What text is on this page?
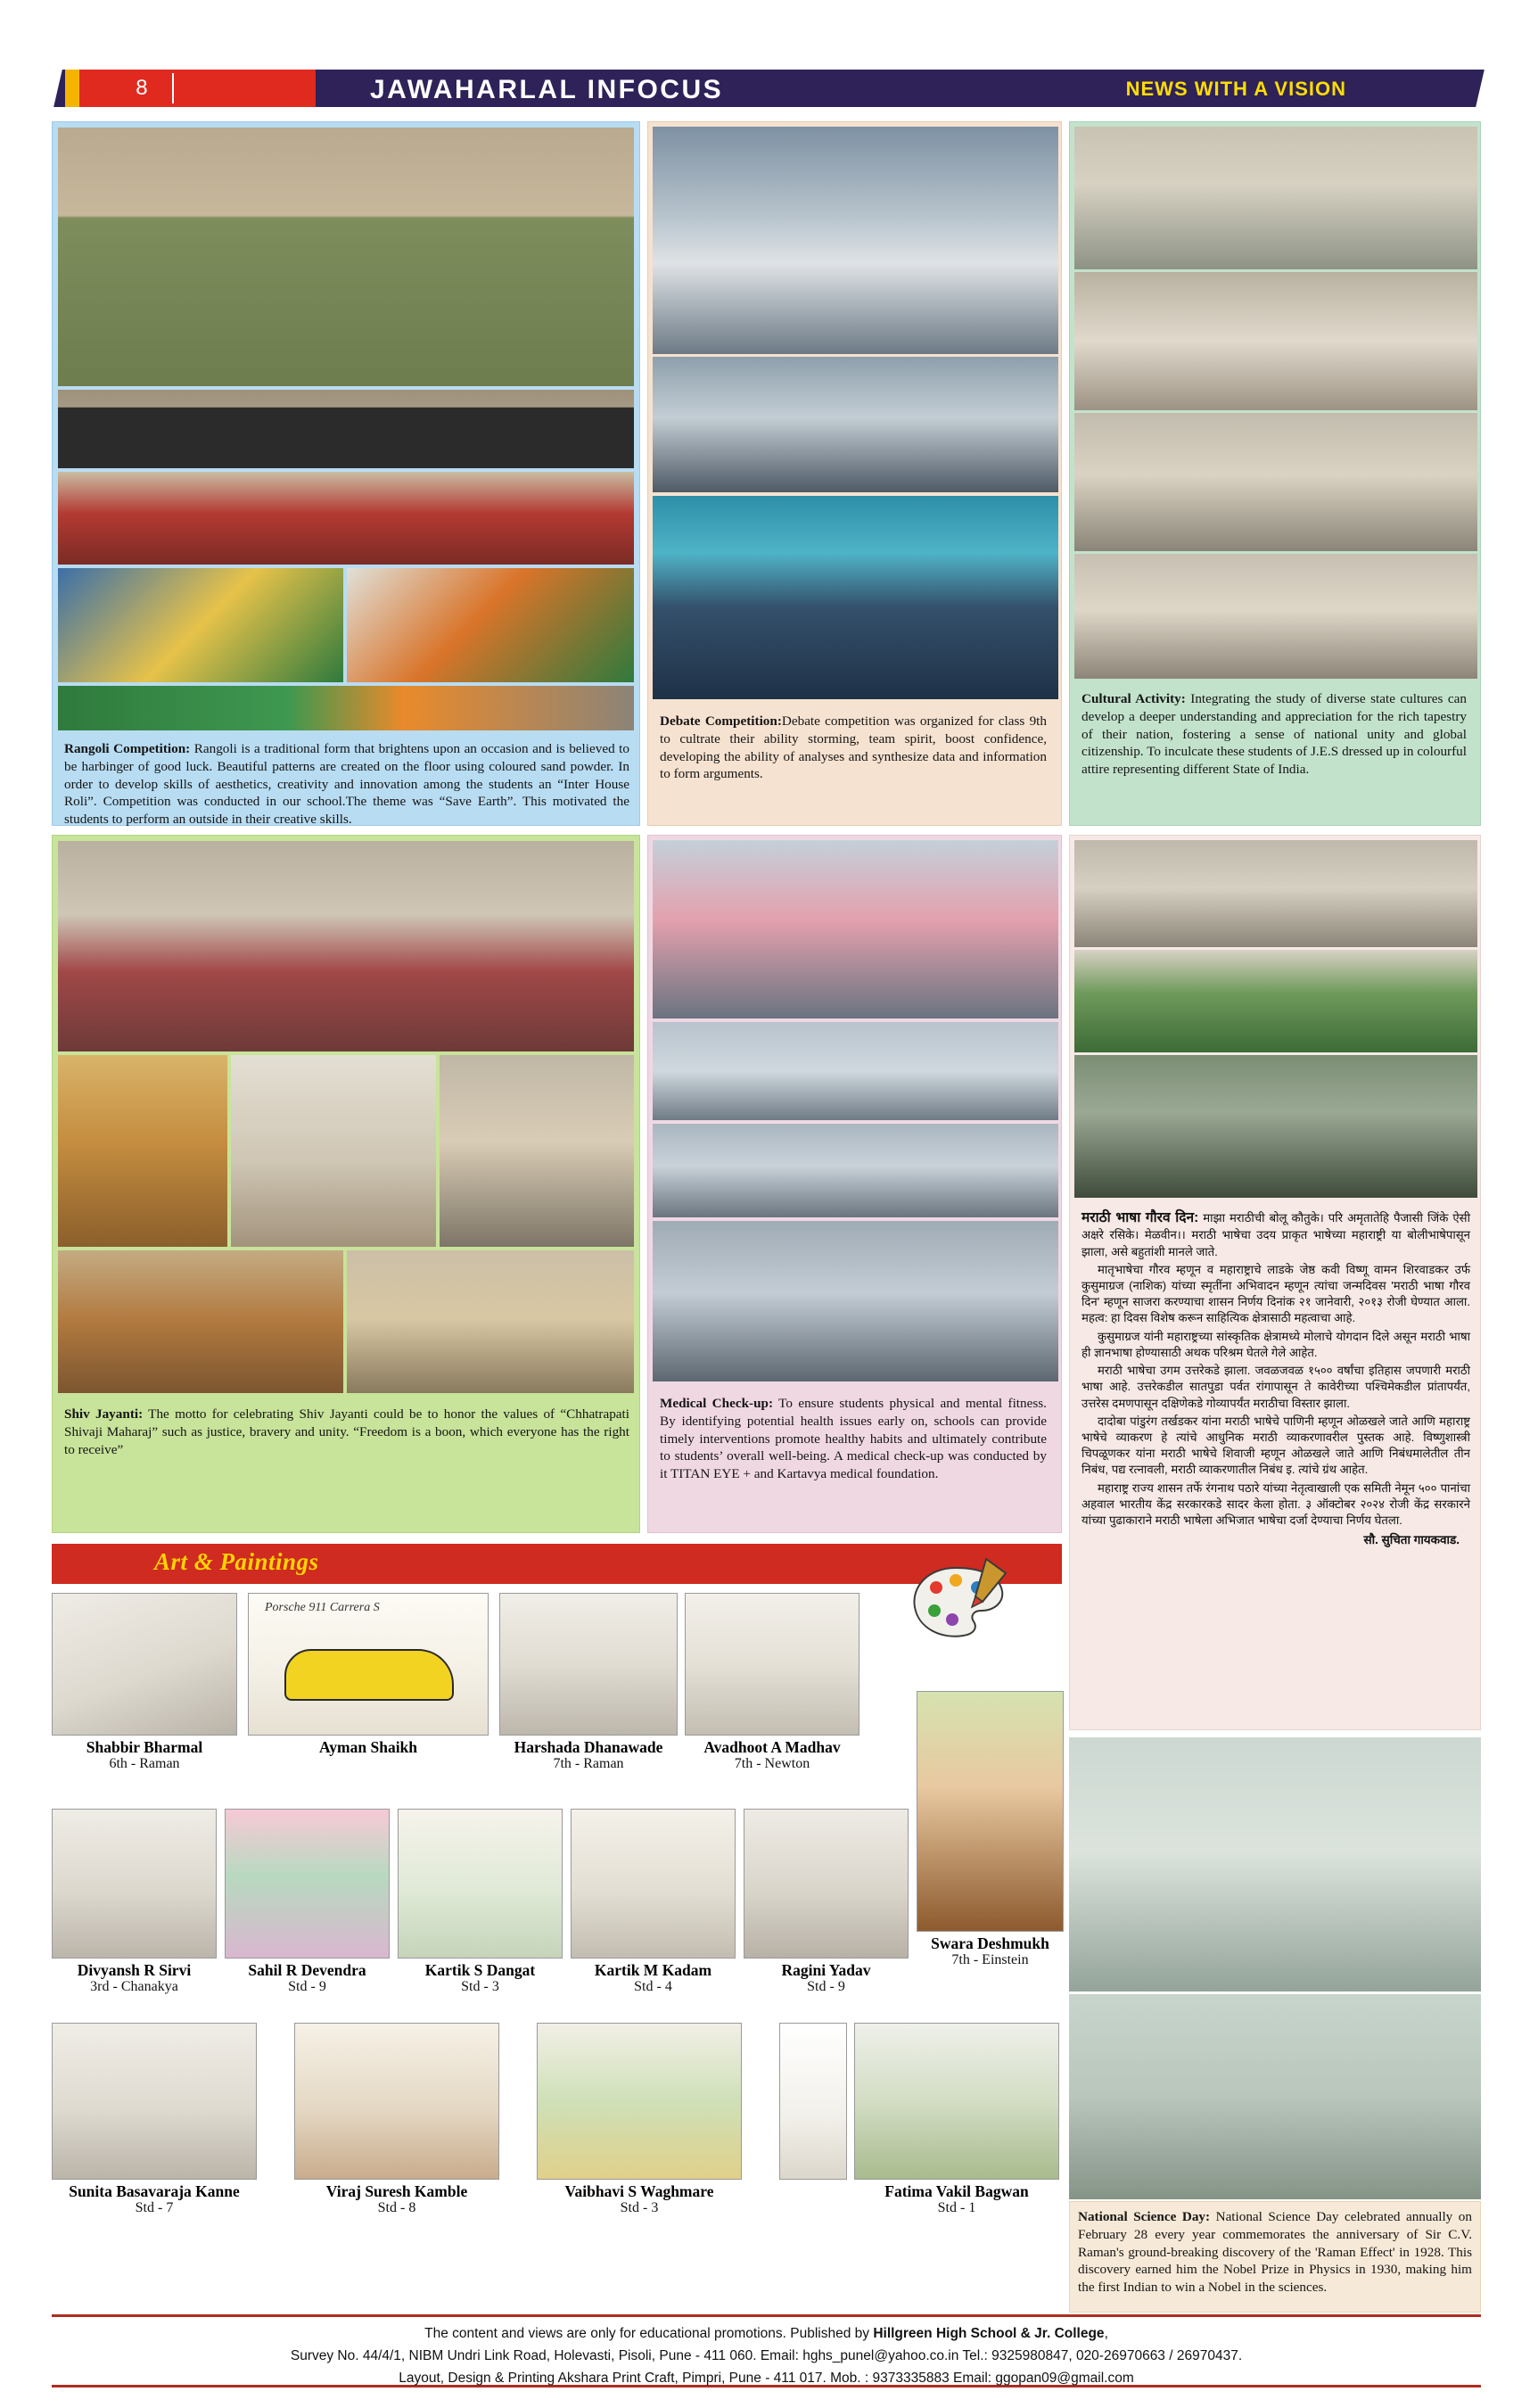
8	JAWAHARLAL INFOCUS	NEWS WITH A VISION
Rangoli Competition: Rangoli is a traditional form that brightens upon an occasion and is believed to be harbinger of good luck. Beautiful patterns are created on the floor using coloured sand powder. In order to develop skills of aesthetics, creativity and innovation among the students an “Inter House Roli”. Competition was conducted in our school.The theme was “Save Earth”. This motivated the students to perform an outside in their creative skills.
Debate Competition:Debate competition was organized for class 9th to cultrate their ability storming, team spirit, boost confidence, developing the ability of analyses and synthesize data and information to form arguments.
Cultural Activity: Integrating the study of diverse state cultures can develop a deeper understanding and appreciation for the rich tapestry of their nation, fostering a sense of national unity and global citizenship. To inculcate these students of J.E.S dressed up in colourful attire representing different State of India.
Shiv Jayanti: The motto for celebrating Shiv Jayanti could be to honor the values of “Chhatrapati Shivaji Maharaj” such as justice, bravery and unity. “Freedom is a boon, which everyone has the right to receive”
Medical Check-up: To ensure students physical and mental fitness. By identifying potential health issues early on, schools can provide timely interventions promote healthy habits and ultimately contribute to students’ overall well-being. A medical check-up was conducted by it TITAN EYE + and Kartavya medical foundation.

मराठी भाषा गौरव दिन: माझा मराठीची बोलू कौतुके। परि अमृतातेहि पैजासी जिंके ऐसी अक्षरे रसिके। मेळवीन।। मराठी भाषेचा उदय प्राकृत भाषेच्या महाराष्ट्री या बोलीभाषेपासून झाला, असे बहुतांशी मानले जाते.

मातृभाषेचा गौरव म्हणून व महाराष्ट्राचे लाडके जेष्ठ कवी विष्णू वामन शिरवाडकर उर्फ कुसुमाग्रज (नाशिक) यांच्या स्मृतींना अभिवादन म्हणून त्यांचा जन्मदिवस 'मराठी भाषा गौरव दिन' म्हणून साजरा करण्याचा शासन निर्णय दिनांक २१ जानेवारी, २०१३ रोजी घेण्यात आला. महत्व: हा दिवस विशेष करून साहित्यिक क्षेत्रासाठी महत्वाचा आहे.

कुसुमाग्रज यांनी महाराष्ट्रच्या सांस्कृतिक क्षेत्रामध्ये मोलाचे योगदान दिले असून मराठी भाषा ही ज्ञानभाषा होण्यासाठी अथक परिश्रम घेतले गेले आहेत.

मराठी भाषेचा उगम उत्तरेकडे झाला. जवळजवळ १५०० वर्षांचा इतिहास जपणारी मराठी भाषा आहे. उत्तरेकडील सातपुडा पर्वत रांगापासून ते कावेरीच्या पश्चिमेकडील प्रांतापर्यंत, उत्तरेस दमणपासून दक्षिणेकडे गोव्यापर्यंत मराठीचा विस्तार झाला.

दादोबा पांडुरंग तर्खडकर यांना मराठी भाषेचे पाणिनी म्हणून ओळखले जाते आणि महाराष्ट्र भाषेचे व्याकरण हे त्यांचे आधुनिक मराठी व्याकरणावरील पुस्तक आहे. विष्णुशास्त्री चिपळूणकर यांना मराठी भाषेचे शिवाजी म्हणून ओळखले जाते आणि निबंधमालेतील तीन निबंध, पद्य रत्नावली, मराठी व्याकरणातील निबंध इ. त्यांचे ग्रंथ आहेत.

महाराष्ट्र राज्य शासन तर्फे रंगनाथ पठारे यांच्या नेतृत्वाखाली एक समिती नेमून ५०० पानांचा अहवाल भारतीय केंद्र सरकारकडे सादर केला होता. ३ ऑक्टोबर २०२४ रोजी केंद्र सरकारने यांच्या पुढाकाराने मराठी भाषेला अभिजात भाषेचा दर्जा देण्याचा निर्णय घेतला.

सौ. सुचिता गायकवाड.
Art & Paintings
Shabbir Bharmal
6th - Raman
Porsche 911 Carrera S
Ayman Shaikh	Harshada Dhanawade
7th - Raman
Avadhoot A Madhav
7th - Newton
Divyansh R Sirvi
3rd - Chanakya
Sahil R Devendra
Std - 9
Kartik S Dangat
Std - 3
Kartik M Kadam
Std - 4
Ragini Yadav
Std - 9
Swara Deshmukh
7th - Einstein
Sunita Basavaraja Kanne
Std - 7
Viraj Suresh Kamble
Std - 8
Vaibhavi S Waghmare
Std - 3
Fatima Vakil Bagwan
Std - 1
National Science Day: National Science Day celebrated annually on February 28 every year commemorates the anniversary of Sir C.V. Raman's ground-breaking discovery of the 'Raman Effect' in 1928. This discovery earned him the Nobel Prize in Physics in 1930, making him the first Indian to win a Nobel in the sciences.
The content and views are only for educational promotions. Published by Hillgreen High School & Jr. College,
Survey No. 44/4/1, NIBM Undri Link Road, Holevasti, Pisoli, Pune - 411 060. Email: hghs_punel@yahoo.co.in Tel.: 9325980847, 020-26970663 / 26970437.
Layout, Design & Printing Akshara Print Craft, Pimpri, Pune - 411 017. Mob. : 9373335883 Email: ggopan09@gmail.com
